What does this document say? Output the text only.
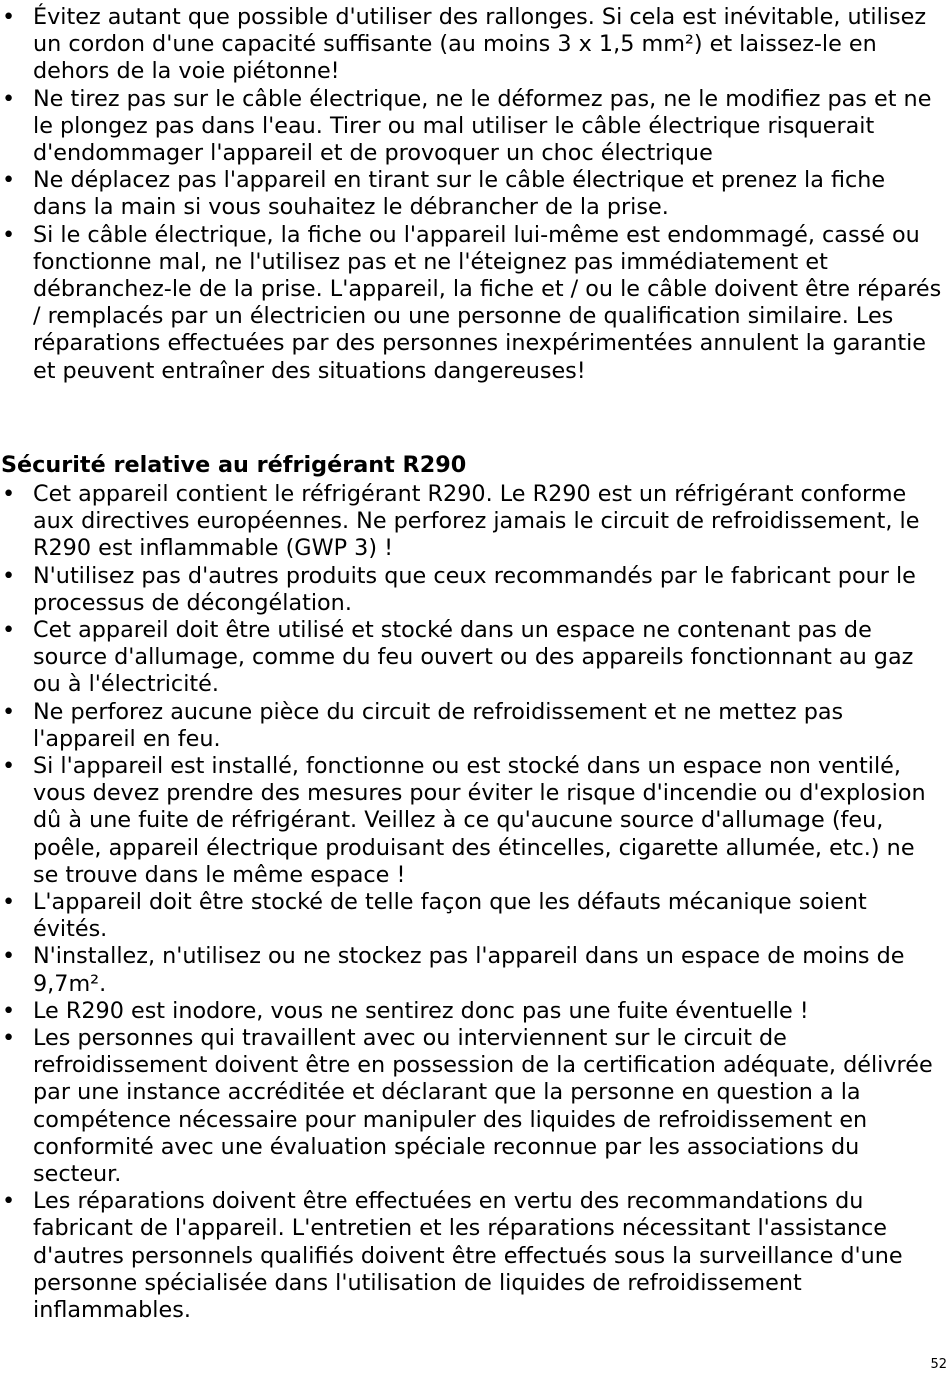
• Évitez autant que possible d'utiliser des rallonges. Si cela est inévitable, utilisez un cordon d'une capacité suffisante (au moins 3 x 1,5 mm²) et laissez-le en dehors de la voie piétonne!
• Ne tirez pas sur le câble électrique, ne le déformez pas, ne le modifiez pas et ne le plongez pas dans l'eau. Tirer ou mal utiliser le câble électrique risquerait d'endommager l'appareil et de provoquer un choc électrique
• Ne déplacez pas l'appareil en tirant sur le câble électrique et prenez la fiche dans la main si vous souhaitez le débrancher de la prise.
• Si le câble électrique, la fiche ou l'appareil lui-même est endommagé, cassé ou fonctionne mal, ne l'utilisez pas et ne l'éteignez pas immédiatement et débranchez-le de la prise. L'appareil, la fiche et / ou le câble doivent être réparés / remplacés par un électricien ou une personne de qualification similaire. Les réparations effectuées par des personnes inexpérimentées annulent la garantie et peuvent entraîner des situations dangereuses!
Sécurité relative au réfrigérant R290
• Cet appareil contient le réfrigérant R290. Le R290 est un réfrigérant conforme aux directives européennes. Ne perforez jamais le circuit de refroidissement, le R290 est inflammable (GWP 3) !
• N'utilisez pas d'autres produits que ceux recommandés par le fabricant pour le processus de décongélation.
• Cet appareil doit être utilisé et stocké dans un espace ne contenant pas de source d'allumage, comme du feu ouvert ou des appareils fonctionnant au gaz ou à l'électricité.
• Ne perforez aucune pièce du circuit de refroidissement et ne mettez pas l'appareil en feu.
• Si l'appareil est installé, fonctionne ou est stocké dans un espace non ventilé, vous devez prendre des mesures pour éviter le risque d'incendie ou d'explosion dû à une fuite de réfrigérant. Veillez à ce qu'aucune source d'allumage (feu, poêle, appareil électrique produisant des étincelles, cigarette allumée, etc.) ne se trouve dans le même espace !
• L'appareil doit être stocké de telle façon que les défauts mécanique soient évités.
• N'installez, n'utilisez ou ne stockez pas l'appareil dans un espace de moins de 9,7m².
• Le R290 est inodore, vous ne sentirez donc pas une fuite éventuelle !
• Les personnes qui travaillent avec ou interviennent sur le circuit de refroidissement doivent être en possession de la certification adéquate, délivrée par une instance accréditée et déclarant que la personne en question a la compétence nécessaire pour manipuler des liquides de refroidissement en conformité avec une évaluation spéciale reconnue par les associations du secteur.
• Les réparations doivent être effectuées en vertu des recommandations du fabricant de l'appareil. L'entretien et les réparations nécessitant l'assistance d'autres personnels qualifiés doivent être effectués sous la surveillance d'une personne spécialisée dans l'utilisation de liquides de refroidissement inflammables.
52
